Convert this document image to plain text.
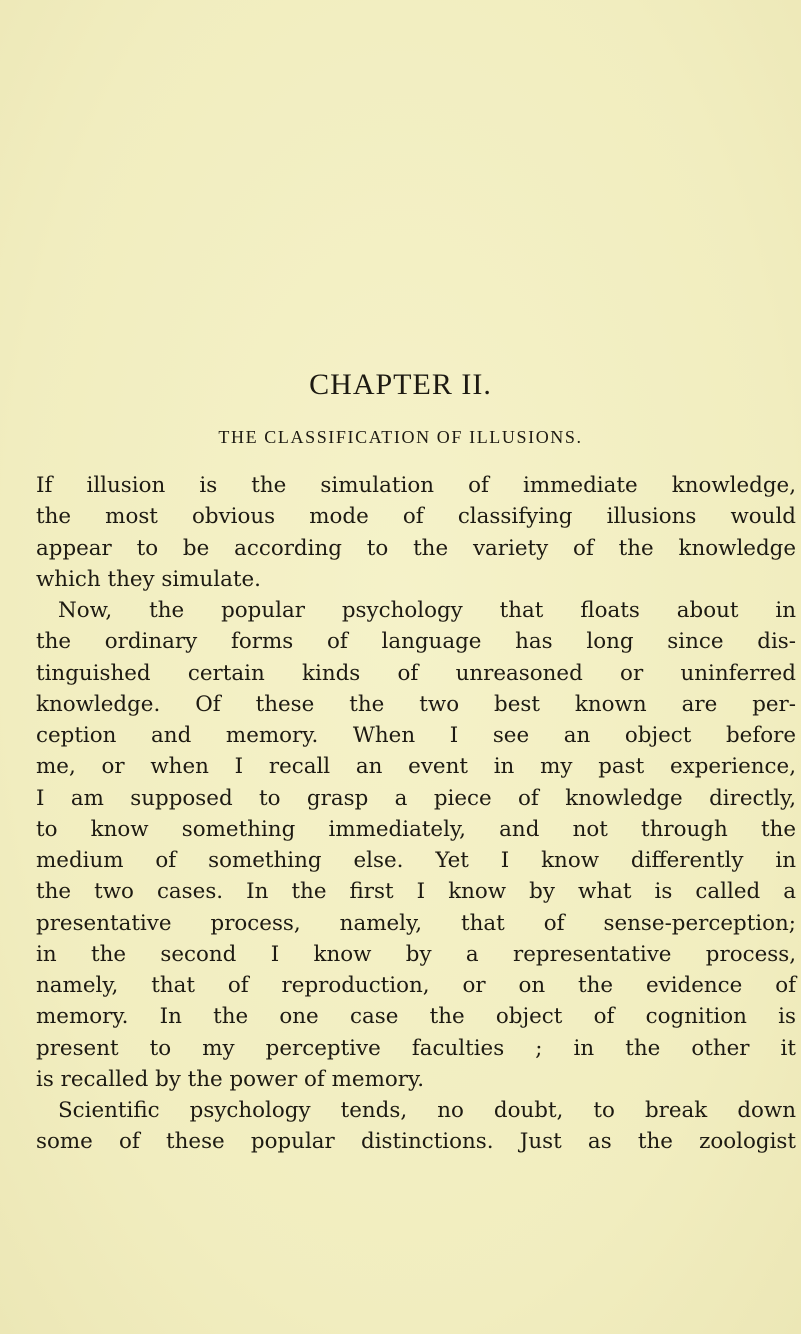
CHAPTER II.
THE CLASSIFICATION OF ILLUSIONS.
If illusion is the simulation of immediate knowledge,
the most obvious mode of classifying illusions would
appear to be according to the variety of the knowledge
which they simulate.
Now, the popular psychology that floats about in
the ordinary forms of language has long since dis-
tinguished certain kinds of unreasoned or uninferred
knowledge. Of these the two best known are per-
ception and memory. When I see an object before
me, or when I recall an event in my past experience,
I am supposed to grasp a piece of knowledge directly,
to know something immediately, and not through the
medium of something else. Yet I know differently in
the two cases. In the first I know by what is called a
presentative process, namely, that of sense-perception;
in the second I know by a representative process,
namely, that of reproduction, or on the evidence of
memory. In the one case the object of cognition is
present to my perceptive faculties ; in the other it
is recalled by the power of memory.
Scientific psychology tends, no doubt, to break down
some of these popular distinctions. Just as the zoologist
